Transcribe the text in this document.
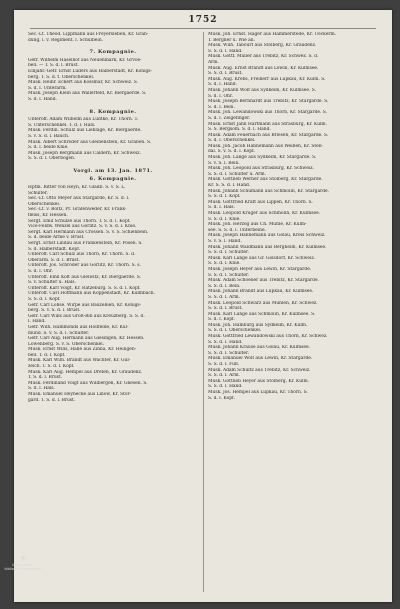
1752

Sec.-Lt. Theod. Lippmann aus Freyersleben, Kr. Gran-

dung, l. v. Regiment. l. Schulbein.

7. Kompagnie.

Gefr. Wilhelm Haselhof aus Neuenmark, Kr. Grvoe-

bell. — T. S. d. l. Brust.

Einjähr.-Gefr. Ernst Lüders aus Halberstadt, Kr. Königs-

berg. T. S. d. t. Oberschenkel.

Musk. Heinr. Eckert aus Kossmar, Kr. Schweiz. S.

S. d. l. Unterarm.

Musk. Joseph Klein aus Wallerfeld, Kr. Biergaerde. S.

S. d. l. Hand.

8. Kompagnie.

Unteroff. Adam Wilhelm aus Lüdtke, Kr. Thorn. T.

S. Unterschenkel. T. d. l. Hals.

Musk. Ferdin. Schulz aus Lieblage, Kr. Biergaerde.

S. v. S. d. l. Bauch.

Musk. Albert Schröder aus Gleinenstein, Kr. Graben. S.

S. d. l. beide Knie.

Musk. Joseph Bergmann aus Caldern, Kr. Schweiz.

S. S. d. l. Oberbogen.

Vorgl. am 13. Jan. 1871.
6. Kompagnie.

Hptm. Ritter von Heyn, Kr. Gladb. S. v. S. L.

Schulter.

Sec.-Lt. Otto Meyer aus Stargarde, Kr. S. d. l.

Oberschenkel.

Sec.-Lt. v. Boltz, Pr. Grafenweder, Kr. Frank-

fleiss, Kr. Hessen.

Sergt. Emil Schulze aus Thorn. T. S. d. l. Kopf.

Vice-Feldw. Wenzel aus Görlitz. S. v. S. d. l. Knie.

Sergt. Karl Hermann aus Crossen. S. v. S. Schienbein.

S. d. beide Arme v. Brust.

Sergt. Ernst Lindau aus Frankenstein, Kr. Posen. S.

S. d. Halberstadt. Kopf.

Unteroff. Carl Schulz aus Thorn, Kr. Thorn. S. d.

Oberarm. S. d. l. Brust.

Unteroff. Jos. Schröder aus Görlitz, Kr. Thorn. S. s.

S. d. l. Ohr.

Unteroff. Emil Kolt aus Gleiwitz, Kr. Biergaerde. S.

S. v. Schulter u. Hals.

Unteroff. Karl Voigt, Kr. Ratzeburg. S. S. d. l. Kopf.

Unteroff. Carl Hoffmann aus Koppenstadt, Kr. Kulmbach.

S. S. d. l. Kopf.

Gefr. Carl Lohse. Wirpe aus Bauzebien, Kr. Königs-

berg. S. v. S. d. l. Brust.

Gefr. Carl Wills aus Groß-Bin aus Kreuzberg. S. S. d.

l. Hand.

Gefr. Wilh. Hammonds aus Hollfelde, Kr. Kul-

mund. S. v. S. d. l. Schulter.

Gefr. Carl Aug. Hermann aus Giesingen, Kr. Hessen.

Lowenberg. S. v. S. Oberschenkel.

Musk. Ernst Wills, Halle aus Zinna, Kr. Heiligen-

bell. T. d. l. Kopf.

Musk. Karl Wilh. Brandt aus Wächter, Kr. Gul-

zeich. T. S. d. l. Kopf.

Musk. Karl Aug. Hempel aus Dreten, Kr. Graudenz.

T. S. d. l. Brust.

Musk. Ferdinand Voigt aus Willbergen, Kr. Gnesen. S.

S. d. l. Hals.

Musk. Emanuel Heynecke aus Linow, Kr. Stor-

gard. T. S. d. l. Brust.

Musk. Joh. Ernst. Hager aus Hammerstede, Kr. Ueckerm.

T. Bergner u. Wie an.

Musk. Wilh. Tabourt aus Stolberg, Kr. Graudenz.

S. S. d. l. Hand.

Musk. Gottf. Müller aus Trebitz, Kr. Schwez. S. d.

Arm.

Musk. Aug. Ernst Brandt aus Lewin, Kr. Kulmsee.

S. S. d. l. Brust.

Musk. Aug. Krebs, Freiherr aus Lupkau, Kr. Kulm. S.

S. d. l. Hand.

Musk. Johann Wolf aus Sydkeim, Kr. Kulmsee. S.

S. d. l. Ohr.

Musk. Joseph Bernhardt aus Trebitz, Kr. Stargarde. S.

S. d. l. Bein.

Musk. Joh. Lewandowski aus Thorn, Kr. Stargarde. S.

S. d. l. Zeigefinger.

Musk. Ernst Jahn Hartmann aus Strasburg, Kr. Kulm.

S. S. Bergsom. S. d. l. Hand.

Musk. Adam Feuerbach aus Briesen, Kr. Stargarde. S.

S. d. l. Oberschenkel.

Musk. Joh. Jacob Hannemann aus Weißen, Kr. Sten-

dal. S. v. S. d. l. Kopf.

Musk. Joh. Lange aus Sydkeim, Kr. Stargarde. S.

S. v. S. l. Bein.

Musk. Joh. Leopold aus Strasburg, Kr. Schweiz.

S. S. d. l. Schulter u. Arm.

Musk. Gottlieb Werner aus Stolberg, Kr. Stargarde.

Kr. S. S. d. l. Hand.

Musk. Johann Schumann aus Schmolin, Kr. Stargarde.

S. S. d. l. Kopf.

Musk. Gottfried Kraft aus Lippen, Kr. Thorn. S.

S. d. l. Hals.

Musk. Leopold Krüger aus Schmolin, Kr. Kulmsee.

S. S. d. l. Knie.

Musk. Joh. Herzog aus Ch. Mühle, Kr. Kulm-

see. S. S. d. l. Unterbeine.

Musk. Joseph Hannemann aus Golau, Kreis Schweiz.

S. v. S. l. Hand.

Musk. Johann Waldmann aus Bergheim, Kr. Kulmsee.

S. S. d. l. Schulter.

Musk. Karl Lange aus Gr. Gölsdorf, Kr. Schweiz.

S. S. d. l. Knie.

Musk. Joseph Heyer aus Lewin, Kr. Stargarde.

S. S. d. l. Schulter.

Musk. Adam Schoener aus Trebitz, Kr. Stargarde.

S. S. d. l. Bein.

Musk. Johann Brandt aus Lupkau, Kr. Kulmsee.

S. S. d. l. Arm.

Musk. Leopold Schwarz aus Mühlen, Kr. Schwez.

S. S. d. l. Brust.

Musk. Karl Lange aus Schmolin, Kr. Kulmsee. S.

S. d. l. Kopf.

Musk. Joh. Hamburg aus Sydkeim, Kr. Kulm.

S. S. d. l. Oberschenkel.

Musk. Gottfried Lewandowski aus Thorn, Kr. Schwez.

S. S. d. l. Hand.

Musk. Johann Krause aus Golau, Kr. Kulmsee.

S. S. d. l. Schulter.

Musk. Emanuel Wolf aus Lewin, Kr. Stargarde.

S. S. d. l. Fuß.

Musk. Adam Schultz aus Trebitz, Kr. Schweiz.

S. S. d. l. Arm.

Musk. Gottlieb Heyer aus Stolberg, Kr. Kulm.

S. S. d. l. Hand.

Musk. Jos. Hempel aus Lupkau, Kr. Thorn. S.

S. d. l. Kopf.

⚜
Universitäts-
bibliothek Düsseldorf
